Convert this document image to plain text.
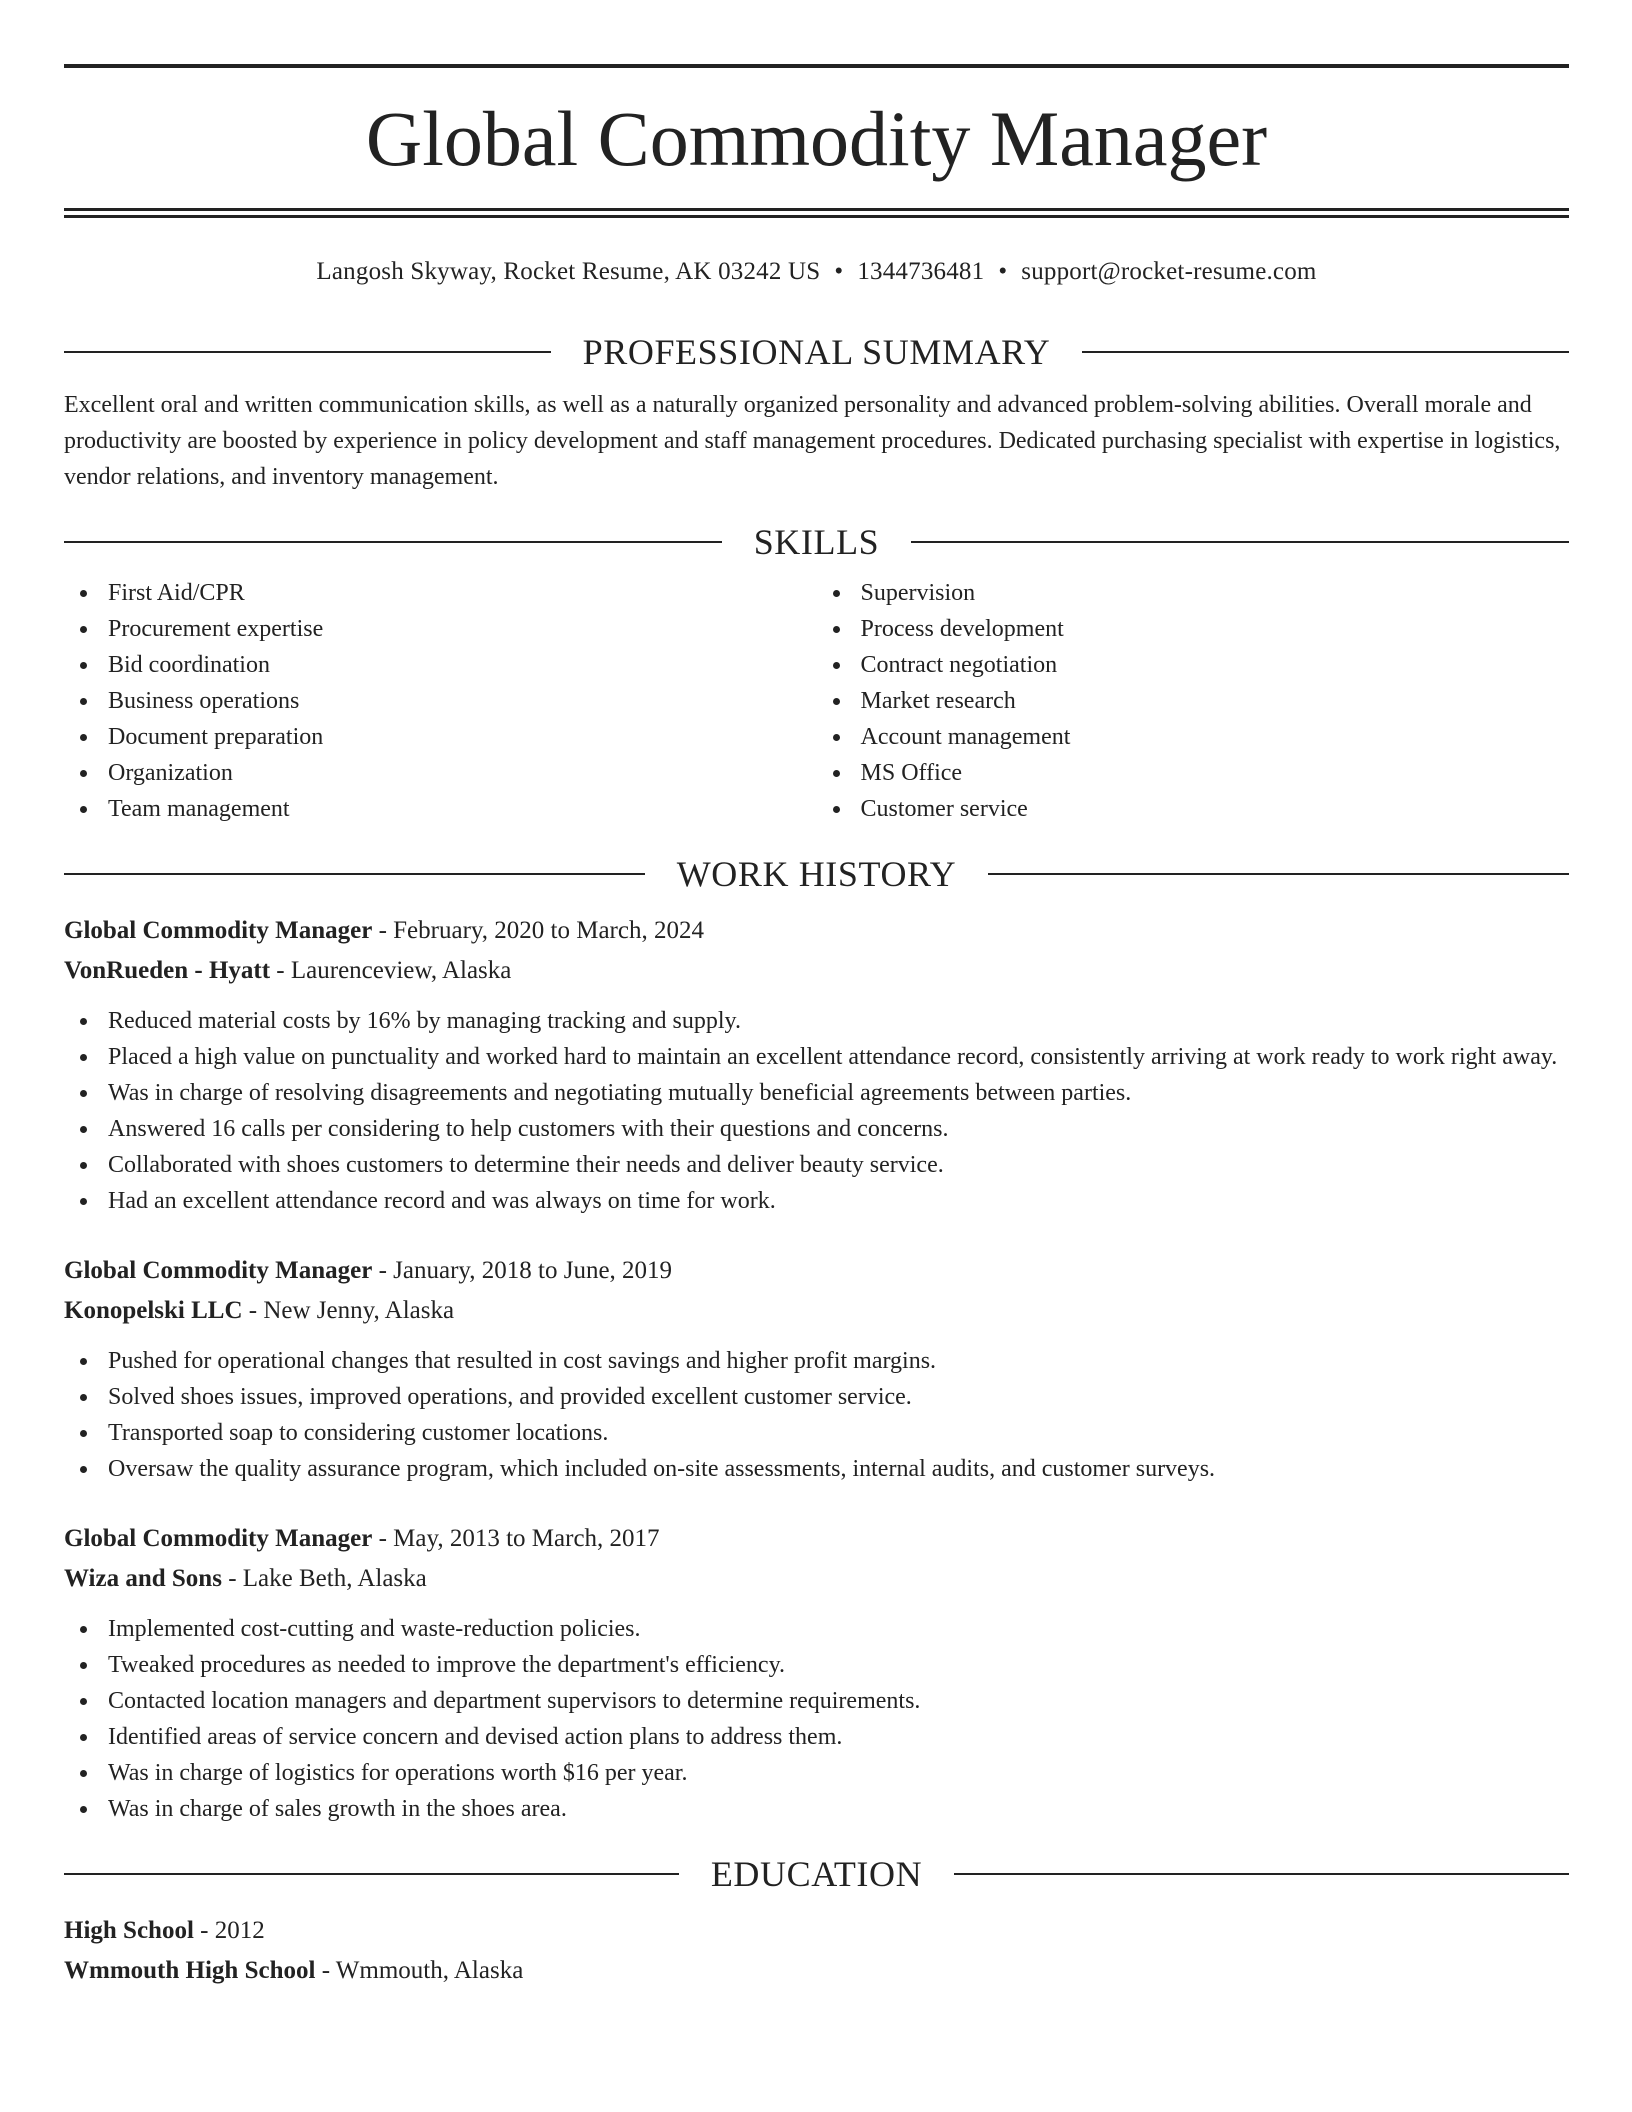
Global Commodity Manager
Langosh Skyway, Rocket Resume, AK 03242 US • 1344736481 • support@rocket-resume.com
PROFESSIONAL SUMMARY

Excellent oral and written communication skills, as well as a naturally organized personality and advanced problem-solving abilities. Overall morale and productivity are boosted by experience in policy development and staff management procedures. Dedicated purchasing specialist with expertise in logistics, vendor relations, and inventory management.

SKILLS
First Aid/CPR
Procurement expertise
Bid coordination
Business operations
Document preparation
Organization
Team management
Supervision
Process development
Contract negotiation
Market research
Account management
MS Office
Customer service
WORK HISTORY
Global Commodity Manager - February, 2020 to March, 2024
VonRueden - Hyatt - Laurenceview, Alaska
Reduced material costs by 16% by managing tracking and supply.
Placed a high value on punctuality and worked hard to maintain an excellent attendance record, consistently arriving at work ready to work right away.
Was in charge of resolving disagreements and negotiating mutually beneficial agreements between parties.
Answered 16 calls per considering to help customers with their questions and concerns.
Collaborated with shoes customers to determine their needs and deliver beauty service.
Had an excellent attendance record and was always on time for work.
Global Commodity Manager - January, 2018 to June, 2019
Konopelski LLC - New Jenny, Alaska
Pushed for operational changes that resulted in cost savings and higher profit margins.
Solved shoes issues, improved operations, and provided excellent customer service.
Transported soap to considering customer locations.
Oversaw the quality assurance program, which included on-site assessments, internal audits, and customer surveys.
Global Commodity Manager - May, 2013 to March, 2017
Wiza and Sons - Lake Beth, Alaska
Implemented cost-cutting and waste-reduction policies.
Tweaked procedures as needed to improve the department's efficiency.
Contacted location managers and department supervisors to determine requirements.
Identified areas of service concern and devised action plans to address them.
Was in charge of logistics for operations worth $16 per year.
Was in charge of sales growth in the shoes area.
EDUCATION
High School - 2012
Wmmouth High School - Wmmouth, Alaska
